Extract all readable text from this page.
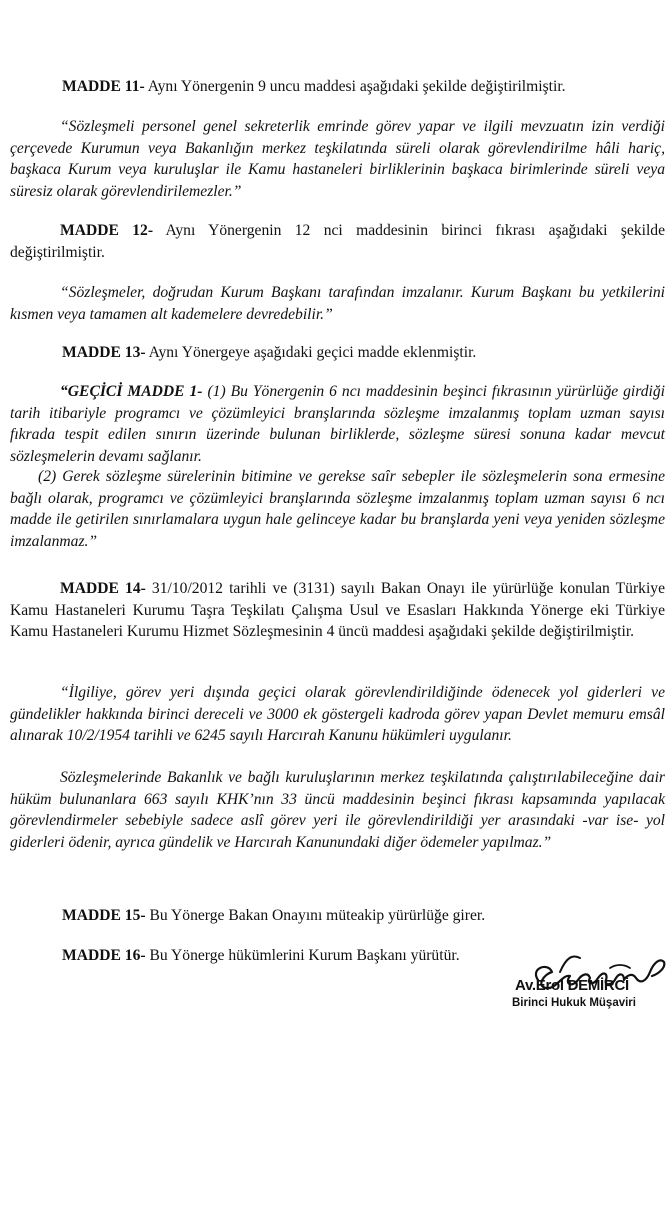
MADDE 11- Aynı Yönergenin 9 uncu maddesi aşağıdaki şekilde değiştirilmiştir.

“Sözleşmeli personel genel sekreterlik emrinde görev yapar ve ilgili mevzuatın izin verdiği çerçevede Kurumun veya Bakanlığın merkez teşkilatında süreli olarak görevlendirilme hâli hariç, başkaca Kurum veya kuruluşlar ile Kamu hastaneleri birliklerinin başkaca birimlerinde süreli veya süresiz olarak görevlendirilemezler.”

MADDE 12- Aynı Yönergenin 12 nci maddesinin birinci fıkrası aşağıdaki şekilde değiştirilmiştir.

“Sözleşmeler, doğrudan Kurum Başkanı tarafından imzalanır. Kurum Başkanı bu yetkilerini kısmen veya tamamen alt kademelere devredebilir.”

MADDE 13- Aynı Yönergeye aşağıdaki geçici madde eklenmiştir.

“GEÇİCİ MADDE 1- (1) Bu Yönergenin 6 ncı maddesinin beşinci fıkrasının yürürlüğe girdiği tarih itibariyle programcı ve çözümleyici branşlarında sözleşme imzalanmış toplam uzman sayısı fıkrada tespit edilen sınırın üzerinde bulunan birliklerde, sözleşme süresi sonuna kadar mevcut sözleşmelerin devamı sağlanır.

(2) Gerek sözleşme sürelerinin bitimine ve gerekse saîr sebepler ile sözleşmelerin sona ermesine bağlı olarak, programcı ve çözümleyici branşlarında sözleşme imzalanmış toplam uzman sayısı 6 ncı madde ile getirilen sınırlamalara uygun hale gelinceye kadar bu branşlarda yeni veya yeniden sözleşme imzalanmaz.”

MADDE 14- 31/10/2012 tarihli ve (3131) sayılı Bakan Onayı ile yürürlüğe konulan Türkiye Kamu Hastaneleri Kurumu Taşra Teşkilatı Çalışma Usul ve Esasları Hakkında Yönerge eki Türkiye Kamu Hastaneleri Kurumu Hizmet Sözleşmesinin 4 üncü maddesi aşağıdaki şekilde değiştirilmiştir.

“İlgiliye, görev yeri dışında geçici olarak görevlendirildiğinde ödenecek yol giderleri ve gündelikler hakkında birinci dereceli ve 3000 ek göstergeli kadroda görev yapan Devlet memuru emsâl alınarak 10/2/1954 tarihli ve 6245 sayılı Harcırah Kanunu hükümleri uygulanır.

Sözleşmelerinde Bakanlık ve bağlı kuruluşlarının merkez teşkilatında çalıştırılabileceğine dair hüküm bulunanlara 663 sayılı KHK’nın 33 üncü maddesinin beşinci fıkrası kapsamında yapılacak görevlendirmeler sebebiyle sadece aslî görev yeri ile görevlendirildiği yer arasındaki -var ise- yol giderleri ödenir, ayrıca gündelik ve Harcırah Kanunundaki diğer ödemeler yapılmaz.”

MADDE 15- Bu Yönerge Bakan Onayını müteakip yürürlüğe girer.

MADDE 16- Bu Yönerge hükümlerini Kurum Başkanı yürütür.

Av.Erol DEMİRCİ
Birinci Hukuk Müşaviri
